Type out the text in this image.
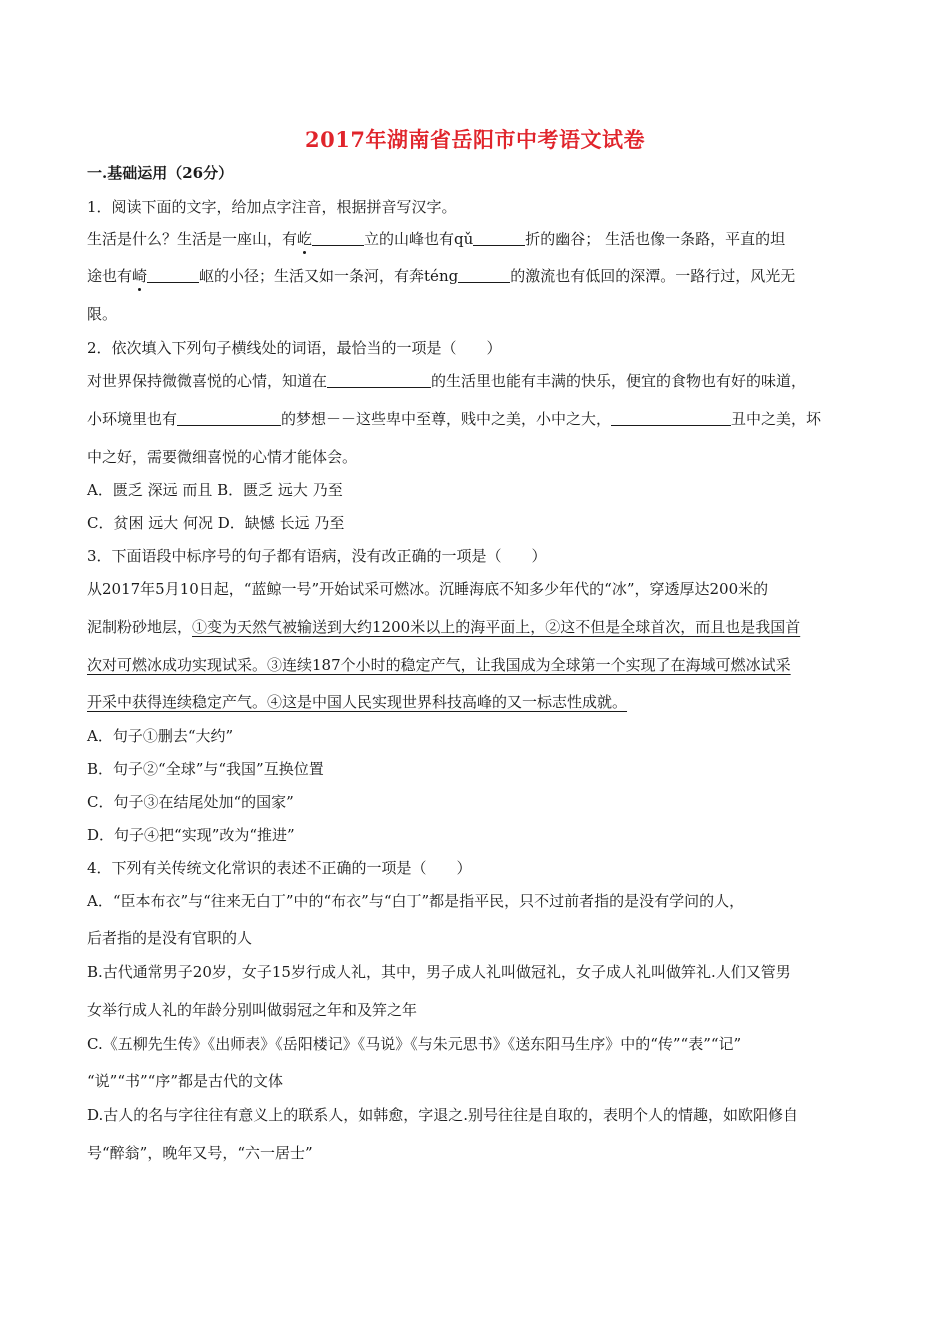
2017年湖南省岳阳市中考语文试卷
一.基础运用（26分）
1．阅读下面的文字，给加点字注音，根据拼音写汉字。
生活是什么？生活是一座山，有屹	立的山峰也有qǔ	折的幽谷； 生活也像一条路，平直的坦
途也有崎	岖的小径；生活又如一条河，有奔téng	的激流也有低回的深潭。一路行过，风光无
限。
2．依次填入下列句子横线处的词语，最恰当的一项是（　　）
对世界保持微微喜悦的心情，知道在	的生活里也能有丰满的快乐，便宜的食物也有好的味道，
小环境里也有	的梦想－－这些卑中至尊，贱中之美，小中之大，	丑中之美，坏
中之好，需要微细喜悦的心情才能体会。
A．匮乏 深远 而且 B．匮乏 远大 乃至
C．贫困 远大 何况 D．缺憾 长远 乃至
3．下面语段中标序号的句子都有语病，没有改正确的一项是（　　）
从2017年5月10日起，“蓝鲸一号”开始试采可燃冰。沉睡海底不知多少年代的“冰”，穿透厚达200米的
泥制粉砂地层，①变为天然气被输送到大约1200米以上的海平面上，②这不但是全球首次，而且也是我国首
次对可燃冰成功实现试采。③连续187个小时的稳定产气，让我国成为全球第一个实现了在海域可燃冰试采
开采中获得连续稳定产气。④这是中国人民实现世界科技高峰的又一标志性成就。
A．句子①删去“大约”
B．句子②“全球”与“我国”互换位置
C．句子③在结尾处加“的国家”
D．句子④把“实现”改为“推进”
4．下列有关传统文化常识的表述不正确的一项是（　　）
A．“臣本布衣”与“往来无白丁”中的“布衣”与“白丁”都是指平民，只不过前者指的是没有学问的人，
后者指的是没有官职的人
B.古代通常男子20岁，女子15岁行成人礼，其中，男子成人礼叫做冠礼，女子成人礼叫做笄礼.人们又管男
女举行成人礼的年龄分别叫做弱冠之年和及笄之年
C.《五柳先生传》《出师表》《岳阳楼记》《马说》《与朱元思书》《送东阳马生序》中的“传”“表”“记”
“说”“书”“序”都是古代的文体
D.古人的名与字往往有意义上的联系人，如韩愈，字退之.别号往往是自取的，表明个人的情趣，如欧阳修自
号“醉翁”，晚年又号，“六一居士”
